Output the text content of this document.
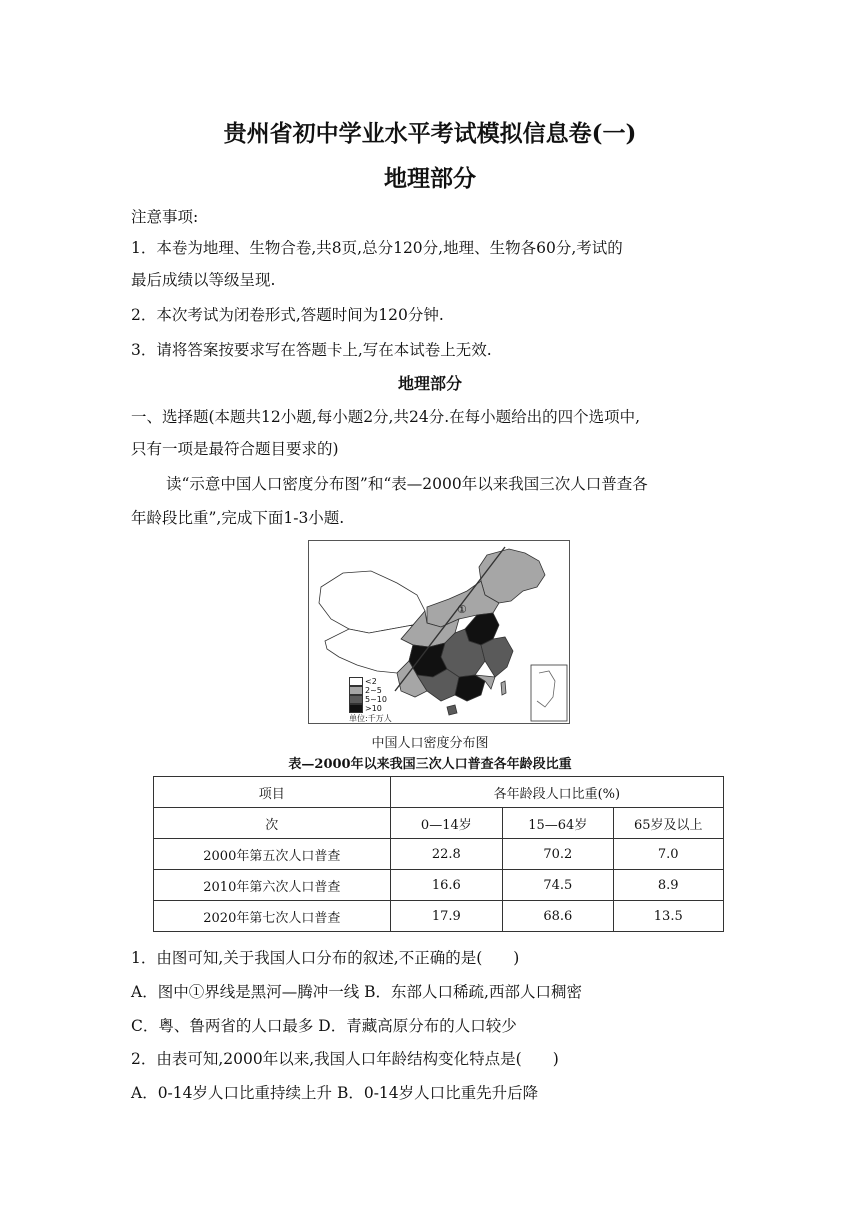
贵州省初中学业水平考试模拟信息卷(一)
地理部分
注意事项:
1．本卷为地理、生物合卷,共8页,总分120分,地理、生物各60分,考试的
最后成绩以等级呈现.
2．本次考试为闭卷形式,答题时间为120分钟.
3．请将答案按要求写在答题卡上,写在本试卷上无效.
地理部分
一、选择题(本题共12小题,每小题2分,共24分.在每小题给出的四个选项中,
只有一项是最符合题目要求的)
读“示意中国人口密度分布图”和“表—2000年以来我国三次人口普查各
年龄段比重”,完成下面1-3小题.
①
<2
2~5
5~10
>10
单位:千万人
中国人口密度分布图
表—2000年以来我国三次人口普查各年龄段比重
项目	各年龄段人口比重(%)		
次	0—14岁	15—64岁	65岁及以上
2000年第五次人口普查	22.8	70.2	7.0
2010年第六次人口普查	16.6	74.5	8.9
2020年第七次人口普查	17.9	68.6	13.5
1．由图可知,关于我国人口分布的叙述,不正确的是(　　)
A．图中①界线是黑河—腾冲一线 B．东部人口稀疏,西部人口稠密
C．粤、鲁两省的人口最多 D．青藏高原分布的人口较少
2．由表可知,2000年以来,我国人口年龄结构变化特点是(　　)
A．0-14岁人口比重持续上升 B．0-14岁人口比重先升后降
